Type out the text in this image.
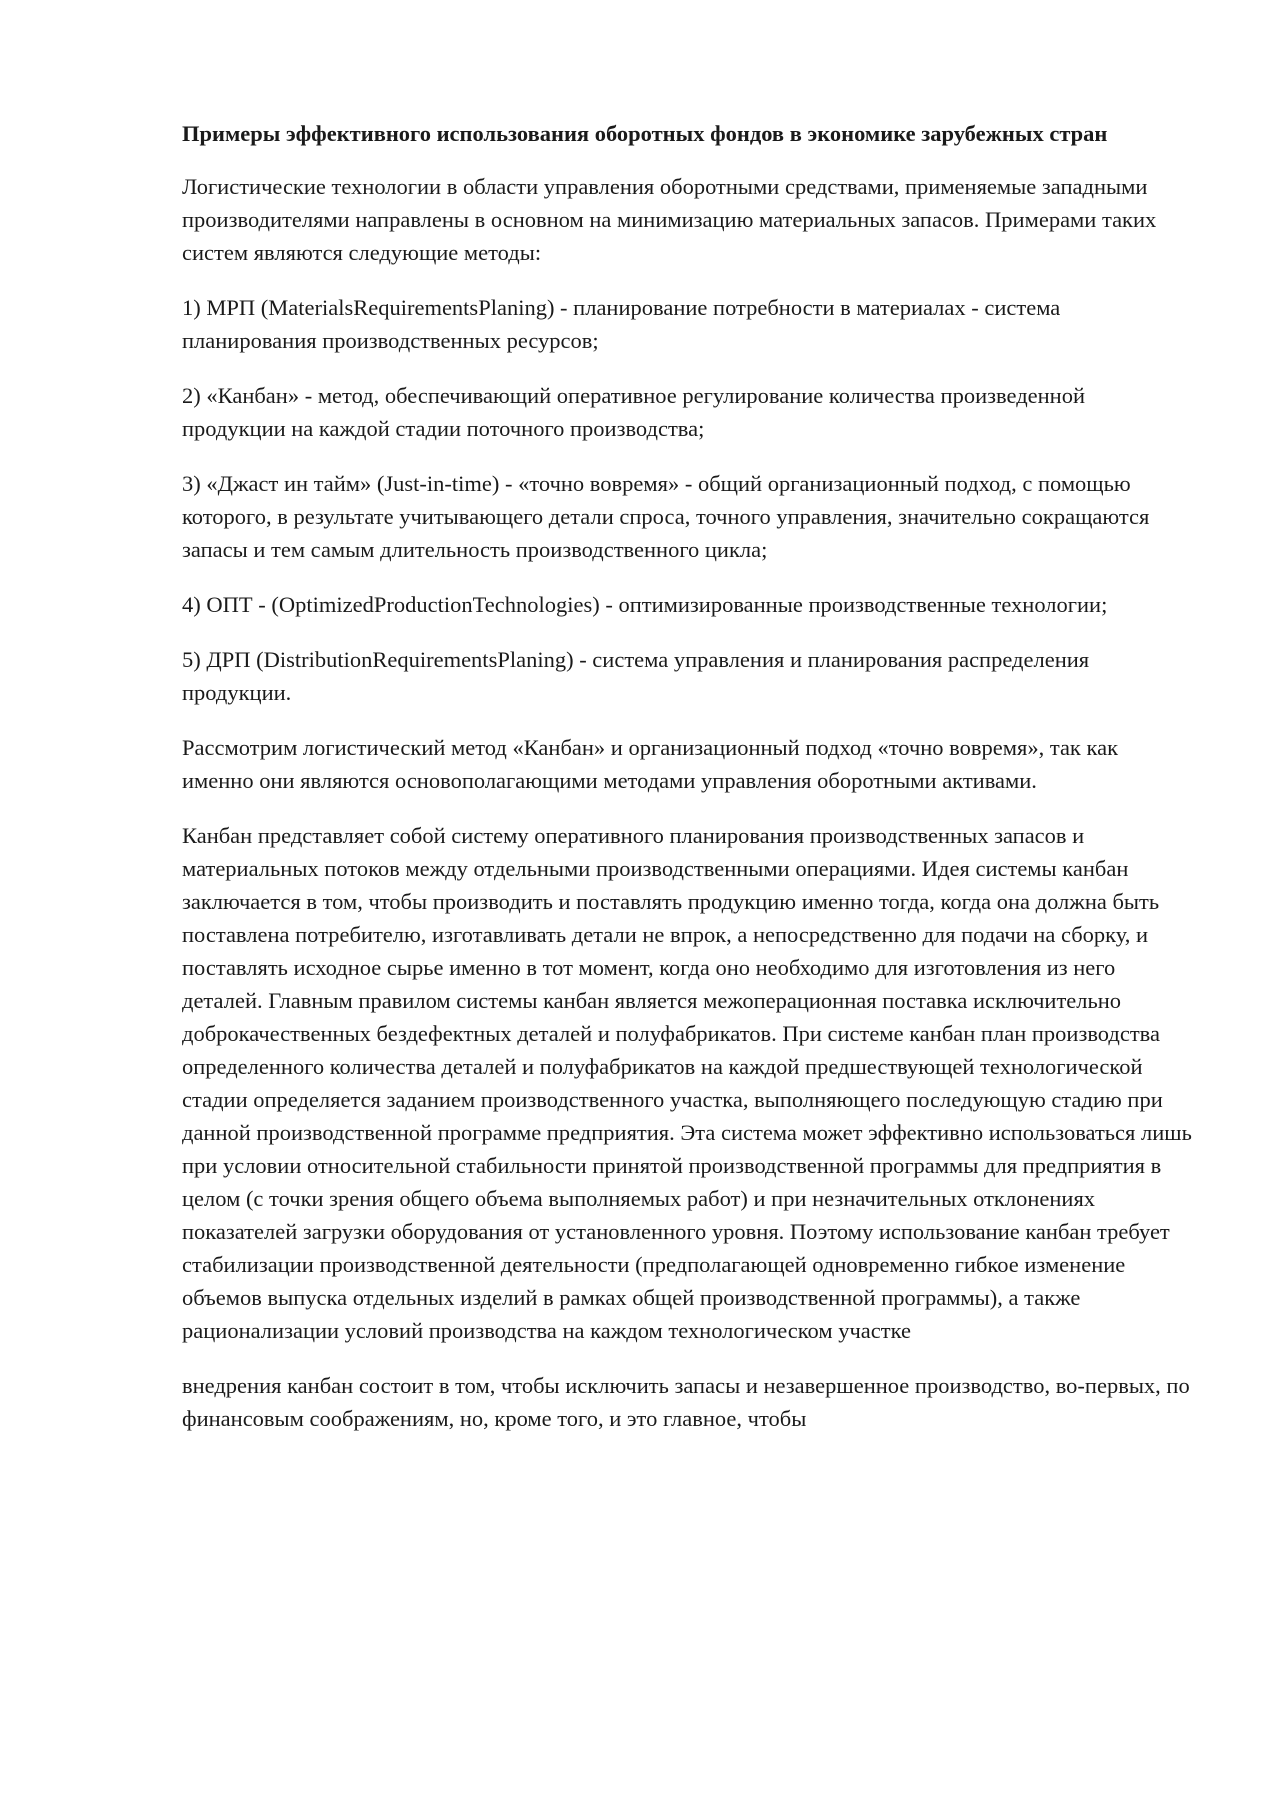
Примеры эффективного использования оборотных фондов в экономике зарубежных стран

Логистические технологии в области управления оборотными средствами, применяемые западными производителями направлены в основном на минимизацию материальных запасов. Примерами таких систем являются следующие методы:

1) МРП (MaterialsRequirementsPlaning) - планирование потребности в материалах - система планирования производственных ресурсов;

2) «Канбан» - метод, обеспечивающий оперативное регулирование количества произведенной продукции на каждой стадии поточного производства;

3) «Джаст ин тайм» (Just-in-time) - «точно вовремя» - общий организационный подход, с помощью которого, в результате учитывающего детали спроса, точного управления, значительно сокращаются запасы и тем самым длительность производственного цикла;

4) ОПТ - (OptimizedProductionTechnologies) - оптимизированные производственные технологии;

5) ДРП (DistributionRequirementsPlaning) - система управления и планирования распределения продукции.

Рассмотрим логистический метод «Канбан» и организационный подход «точно вовремя», так как именно они являются основополагающими методами управления оборотными активами.

Канбан представляет собой систему оперативного планирования производственных запасов и материальных потоков между отдельными производственными операциями. Идея системы канбан заключается в том, чтобы производить и поставлять продукцию именно тогда, когда она должна быть поставлена потребителю, изготавливать детали не впрок, а непосредственно для подачи на сборку, и поставлять исходное сырье именно в тот момент, когда оно необходимо для изготовления из него деталей. Главным правилом системы канбан является межоперационная поставка исключительно доброкачественных бездефектных деталей и полуфабрикатов. При системе канбан план производства определенного количества деталей и полуфабрикатов на каждой предшествующей технологической стадии определяется заданием производственного участка, выполняющего последующую стадию при данной производственной программе предприятия. Эта система может эффективно использоваться лишь при условии относительной стабильности принятой производственной программы для предприятия в целом (с точки зрения общего объема выполняемых работ) и при незначительных отклонениях показателей загрузки оборудования от установленного уровня. Поэтому использование канбан требует стабилизации производственной деятельности (предполагающей одновременно гибкое изменение объемов выпуска отдельных изделий в рамках общей производственной программы), а также рационализации условий производства на каждом технологическом участке

внедрения канбан состоит в том, чтобы исключить запасы и незавершенное производство, во-первых, по финансовым соображениям, но, кроме того, и это главное, чтобы
